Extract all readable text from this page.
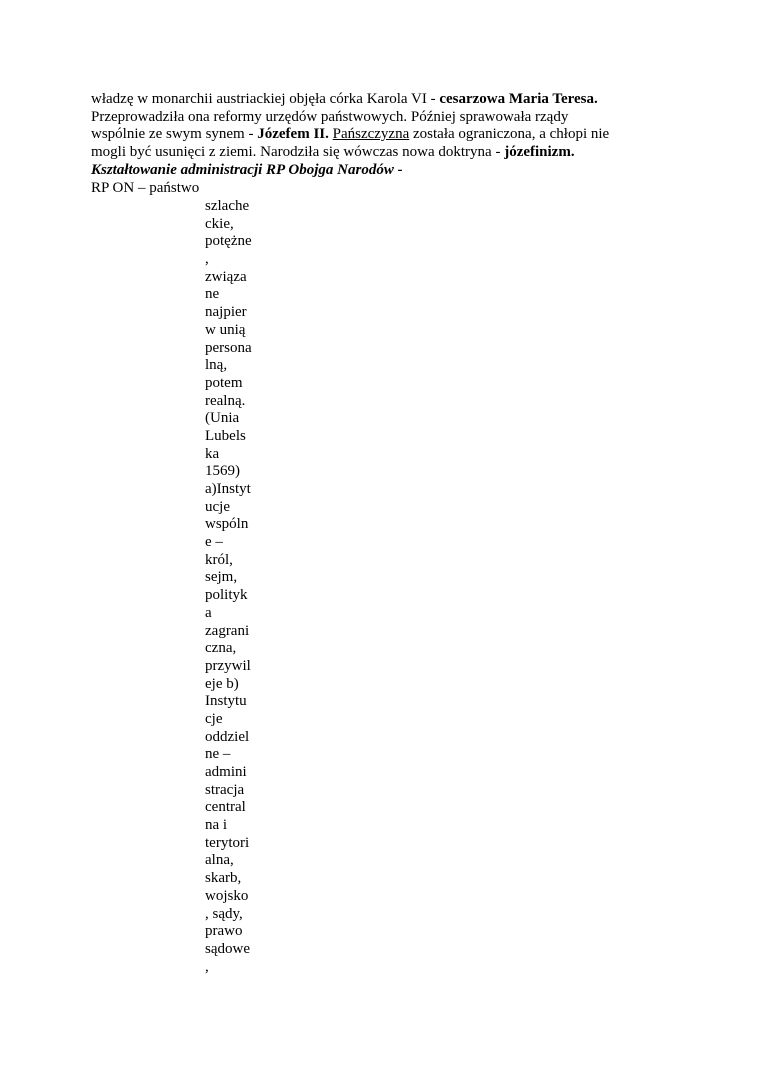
władzę w monarchii austriackiej objęła córka Karola VI - cesarzowa Maria Teresa.
Przeprowadziła ona reformy urzędów państwowych. Później sprawowała rządy
wspólnie ze swym synem - Józefem II. Pańszczyzna została ograniczona, a chłopi nie
mogli być usunięci z ziemi. Narodziła się wówczas nowa doktryna - józefinizm.

Kształtowanie administracji RP Obojga Narodów -

RP ON – państwo

szlache
ckie,
potężne
,
związa
ne
najpier
w unią
persona
lną,
potem
realną.
(Unia
Lubels
ka
1569)
a)Instyt
ucje
wspóln
e –
król,
sejm,
polityk
a
zagrani
czna,
przywil
eje b)
Instytu
cje
oddziel
ne –
admini
stracja
central
na i
terytori
alna,
skarb,
wojsko
, sądy,
prawo
sądowe
,
